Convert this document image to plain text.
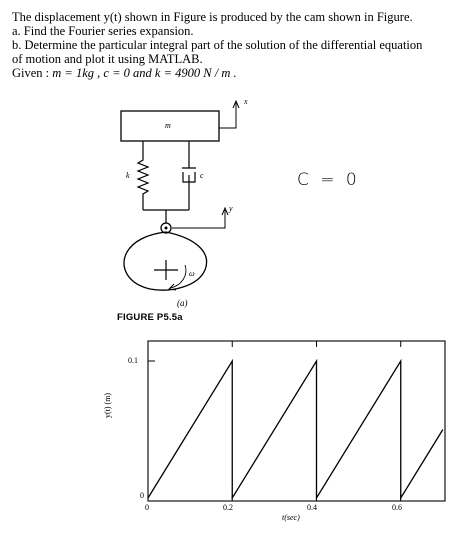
The displacement y(t) shown in Figure is produced by the cam shown in Figure.
a. Find the Fourier series expansion.
b. Determine the particular integral part of the solution of the differential equation
of motion and plot it using MATLAB.
Given : m = 1kg , c = 0 and k = 4900 N / m .
m
k	c
x
y
ω
(a)
FIGURE P5.5a
C = 0
0.1
0
0	0.2	0.4	0.6
t(sec)
y(t) (m)
